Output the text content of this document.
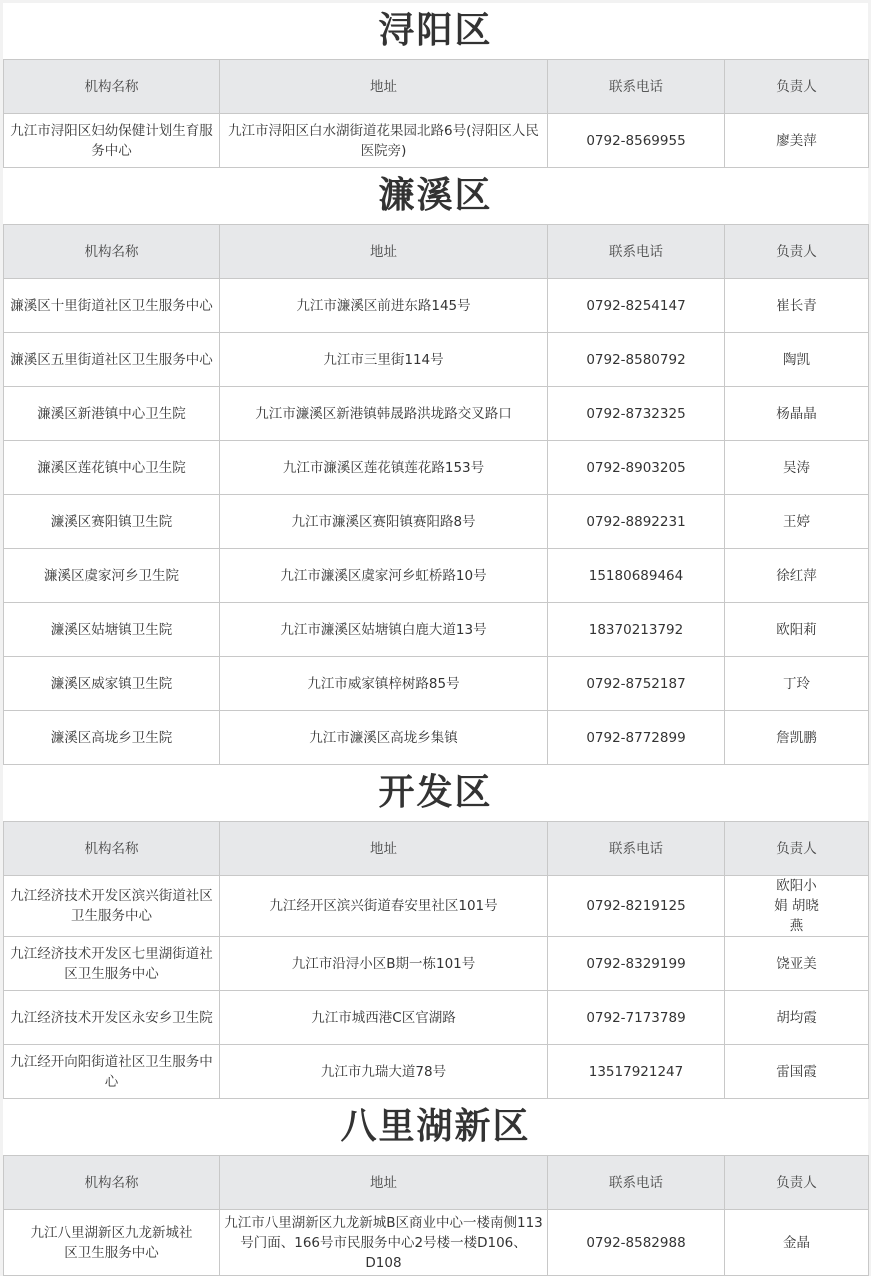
浔阳区
机构名称	地址	联系电话	负责人
九江市浔阳区妇幼保健计划生育服务中心	九江市浔阳区白水湖街道花果园北路6号(浔阳区人民医院旁)	0792-8569955	廖美萍
濂溪区
机构名称	地址	联系电话	负责人
濂溪区十里街道社区卫生服务中心	九江市濂溪区前进东路145号	0792-8254147	崔长青
濂溪区五里街道社区卫生服务中心	九江市三里街114号	0792-8580792	陶凯
濂溪区新港镇中心卫生院	九江市濂溪区新港镇韩晟路洪垅路交叉路口	0792-8732325	杨晶晶
濂溪区莲花镇中心卫生院	九江市濂溪区莲花镇莲花路153号	0792-8903205	吴涛
濂溪区赛阳镇卫生院	九江市濂溪区赛阳镇赛阳路8号	0792-8892231	王婷
濂溪区虞家河乡卫生院	九江市濂溪区虞家河乡虹桥路10号	15180689464	徐红萍
濂溪区姑塘镇卫生院	九江市濂溪区姑塘镇白鹿大道13号	18370213792	欧阳莉
濂溪区威家镇卫生院	九江市威家镇梓树路85号	0792-8752187	丁玲
濂溪区高垅乡卫生院	九江市濂溪区高垅乡集镇	0792-8772899	詹凯鹏
开发区
机构名称	地址	联系电话	负责人
九江经济技术开发区滨兴街道社区卫生服务中心	九江经开区滨兴街道春安里社区101号	0792-8219125	欧阳小娟 胡晓燕
九江经济技术开发区七里湖街道社区卫生服务中心	九江市沿浔小区B期一栋101号	0792-8329199	饶亚美
九江经济技术开发区永安乡卫生院	九江市城西港C区官湖路	0792-7173789	胡均霞
九江经开向阳街道社区卫生服务中心	九江市九瑞大道78号	13517921247	雷国霞
八里湖新区
机构名称	地址	联系电话	负责人
九江八里湖新区九龙新城社区卫生服务中心	九江市八里湖新区九龙新城B区商业中心一楼南侧113号门面、166号市民服务中心2号楼一楼D106、D108	0792-8582988	金晶
